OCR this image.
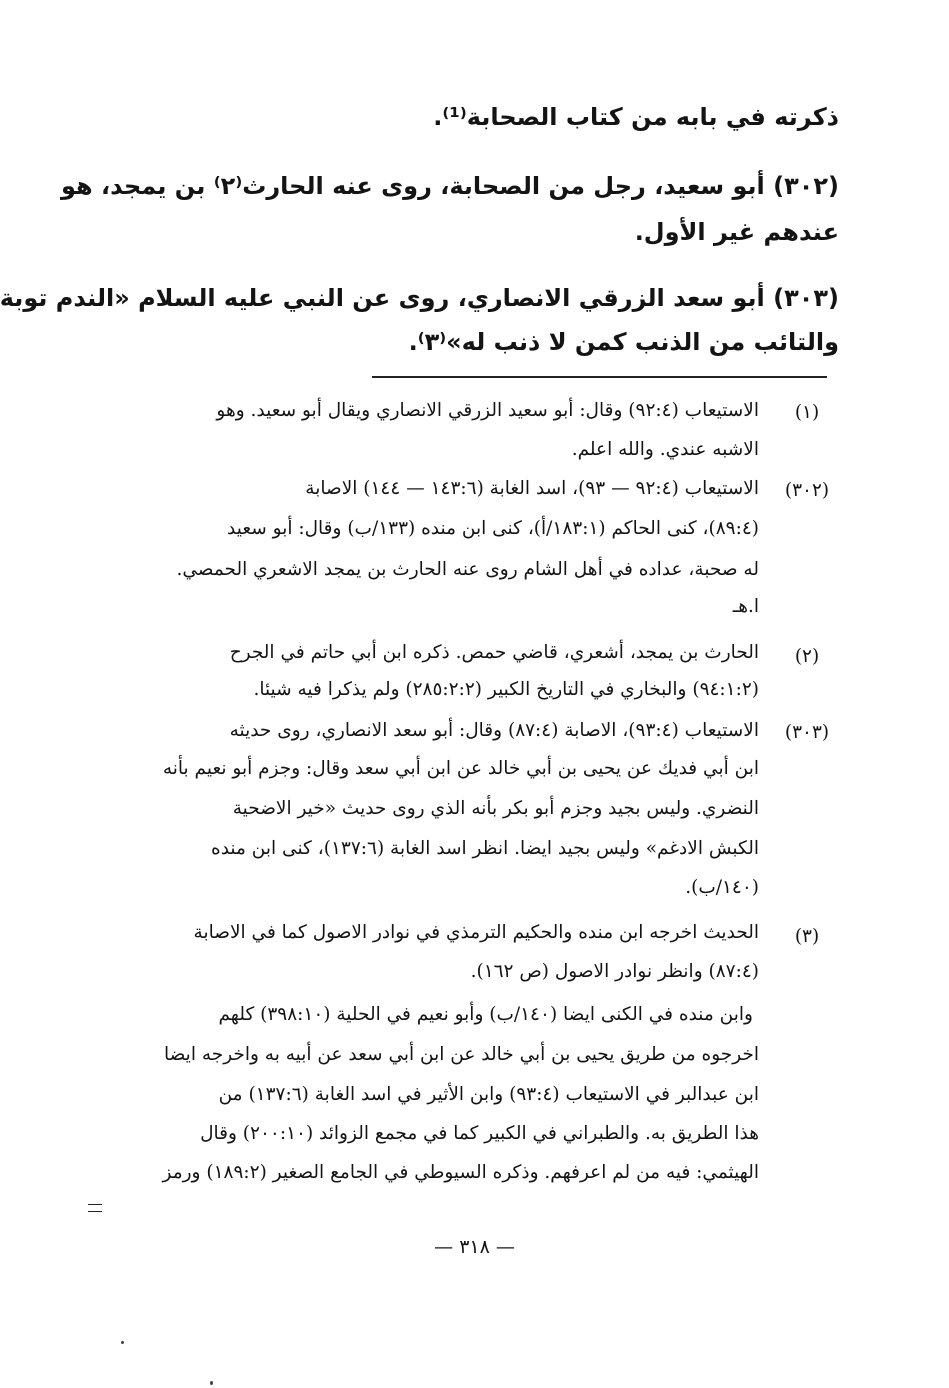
ذكرته في بابه من كتاب الصحابة⁽¹⁾.

(٣٠٢) أبو سعيد، رجل من الصحابة، روى عنه الحارث⁽٢⁾ بن يمجد، هو

عندهم غير الأول.

(٣٠٣) أبو سعد الزرقي الانصاري، روى عن النبي عليه السلام «الندم توبة

والتائب من الذنب كمن لا ذنب له»⁽٣⁾.

(١)

الاستيعاب (٩٢:٤) وقال: أبو سعيد الزرقي الانصاري ويقال أبو سعيد. وهو

الاشبه عندي. والله اعلم.

(٣٠٢)

الاستيعاب (٩٢:٤ — ٩٣)، اسد الغابة (١٤٣:٦ — ١٤٤) الاصابة

(٨٩:٤)، كنى الحاكم (١٨٣:١/أ)، كنى ابن منده (١٣٣/ب) وقال: أبو سعيد

له صحبة، عداده في أهل الشام روى عنه الحارث بن يمجد الاشعري الحمصي.

ا.هـ

(٢)

الحارث بن يمجد، أشعري، قاضي حمص. ذكره ابن أبي حاتم في الجرح

(٩٤:١:٢) والبخاري في التاريخ الكبير (٢٨٥:٢:٢) ولم يذكرا فيه شيئا.

(٣٠٣)

الاستيعاب (٩٣:٤)، الاصابة (٨٧:٤) وقال: أبو سعد الانصاري، روى حديثه

ابن أبي فديك عن يحيى بن أبي خالد عن ابن أبي سعد وقال: وجزم أبو نعيم بأنه

النضري. وليس بجيد وجزم أبو بكر بأنه الذي روى حديث «خير الاضحية

الكبش الادغم» وليس بجيد ايضا. انظر اسد الغابة (١٣٧:٦)، كنى ابن منده

(١٤٠/ب).

(٣)

الحديث اخرجه ابن منده والحكيم الترمذي في نوادر الاصول كما في الاصابة

(٨٧:٤) وانظر نوادر الاصول (ص ١٦٢).

وابن منده في الكنى ايضا (١٤٠/ب) وأبو نعيم في الحلية (٣٩٨:١٠) كلهم

اخرجوه من طريق يحيى بن أبي خالد عن ابن أبي سعد عن أبيه به واخرجه ايضا

ابن عبدالبر في الاستيعاب (٩٣:٤) وابن الأثير في اسد الغابة (١٣٧:٦) من

هذا الطريق به. والطبراني في الكبير كما في مجمع الزوائد (٢٠٠:١٠) وقال

الهيثمي: فيه من لم اعرفهم. وذكره السيوطي في الجامع الصغير (١٨٩:٢) ورمز

— ٣١٨ —
